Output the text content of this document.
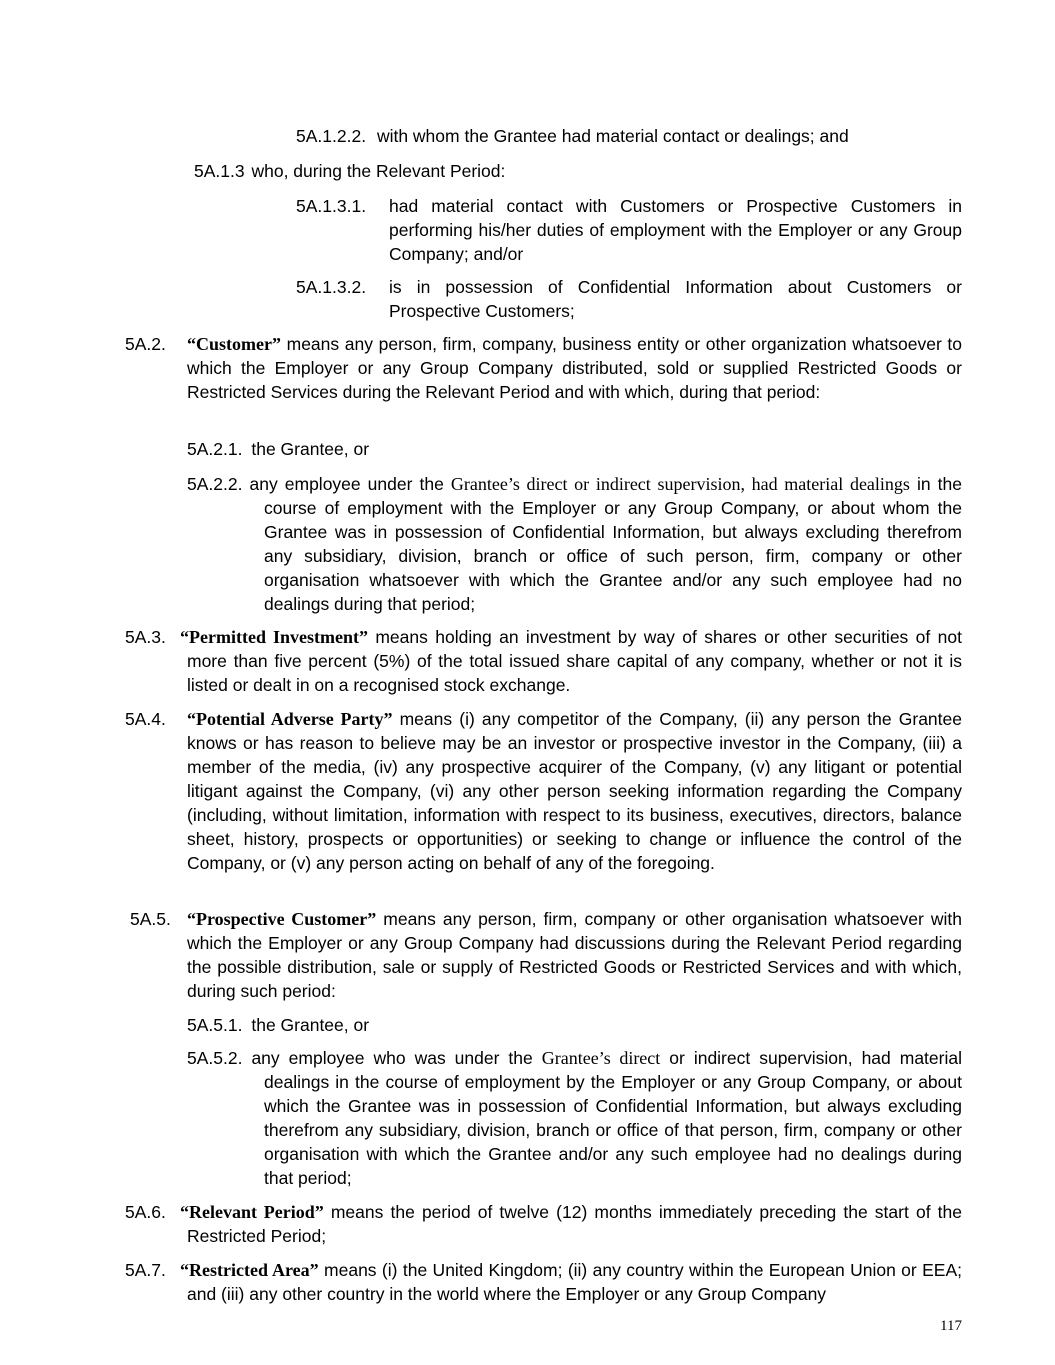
5A.1.2.2. with whom the Grantee had material contact or dealings; and
5A.1.3 who, during the Relevant Period:
5A.1.3.1. had material contact with Customers or Prospective Customers in performing his/her duties of employment with the Employer or any Group Company; and/or
5A.1.3.2. is in possession of Confidential Information about Customers or Prospective Customers;
5A.2. “Customer” means any person, firm, company, business entity or other organization whatsoever to which the Employer or any Group Company distributed, sold or supplied Restricted Goods or Restricted Services during the Relevant Period and with which, during that period:
5A.2.1. the Grantee, or
5A.2.2. any employee under the Grantee’s direct or indirect supervision, had material dealings in the course of employment with the Employer or any Group Company, or about whom the Grantee was in possession of Confidential Information, but always excluding therefrom any subsidiary, division, branch or office of such person, firm, company or other organisation whatsoever with which the Grantee and/or any such employee had no dealings during that period;
5A.3. “Permitted Investment” means holding an investment by way of shares or other securities of not more than five percent (5%) of the total issued share capital of any company, whether or not it is listed or dealt in on a recognised stock exchange.
5A.4. “Potential Adverse Party” means (i) any competitor of the Company, (ii) any person the Grantee knows or has reason to believe may be an investor or prospective investor in the Company, (iii) a member of the media, (iv) any prospective acquirer of the Company, (v) any litigant or potential litigant against the Company, (vi) any other person seeking information regarding the Company (including, without limitation, information with respect to its business, executives, directors, balance sheet, history, prospects or opportunities) or seeking to change or influence the control of the Company, or (v) any person acting on behalf of any of the foregoing.
5A.5. “Prospective Customer” means any person, firm, company or other organisation whatsoever with which the Employer or any Group Company had discussions during the Relevant Period regarding the possible distribution, sale or supply of Restricted Goods or Restricted Services and with which, during such period:
5A.5.1. the Grantee, or
5A.5.2. any employee who was under the Grantee’s direct or indirect supervision, had material dealings in the course of employment by the Employer or any Group Company, or about which the Grantee was in possession of Confidential Information, but always excluding therefrom any subsidiary, division, branch or office of that person, firm, company or other organisation with which the Grantee and/or any such employee had no dealings during that period;
5A.6. “Relevant Period” means the period of twelve (12) months immediately preceding the start of the Restricted Period;
5A.7. “Restricted Area” means (i) the United Kingdom; (ii) any country within the European Union or EEA; and (iii) any other country in the world where the Employer or any Group Company
117
